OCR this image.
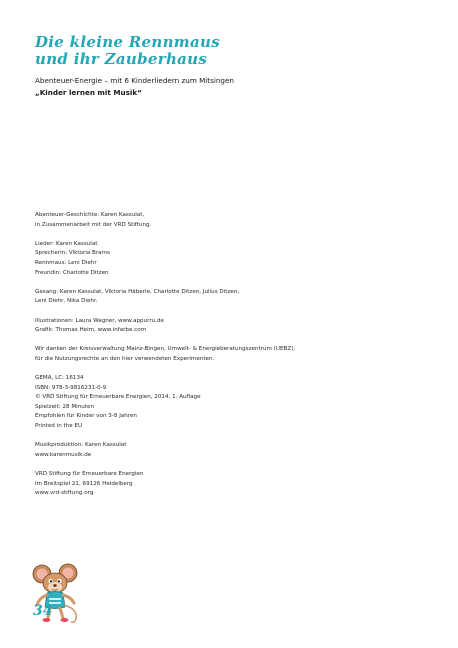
Die kleine Rennmaus
und ihr Zauberhaus
Abenteuer-Energie – mit 6 Kinderliedern zum Mitsingen
„Kinder lernen mit Musik“
Abenteuer-Geschichte: Karen Kassulat,
in Zusammenarbeit mit der VRD Stiftung.
Lieder: Karen Kassulat
Sprecherin: Viktoria Brams
Rennmaus: Leni Diehr
Freundin: Charlotte Ditzen
Gesang: Karen Kassulat, Viktoria Häberle, Charlotte Ditzen, Julius Ditzen,
Leni Diehr, Nika Diehr.
Illustrationen: Laura Wagner, www.appurru.de
Grafik: Thomas Heim, www.infarbe.com
Wir danken der Kreisverwaltung Mainz-Bingen, Umwelt- & Energieberatungszentrum (UEBZ),
für die Nutzungsrechte an den hier verwendeten Experimenten.
GEMA, LC: 16134
ISBN: 978-3-9816231-0-9
© VRD Stiftung für Erneuerbare Energien, 2014, 1. Auflage
Spielzeit: 28 Minuten
Empfohlen für Kinder von 3-8 Jahren
Printed in the EU
Musikproduktion: Karen Kassulat
www.karenmusik.de
VRD Stiftung für Erneuerbare Energien
Im Breitspiel 21, 69126 Heidelberg
www.vrd-stiftung.org
34
